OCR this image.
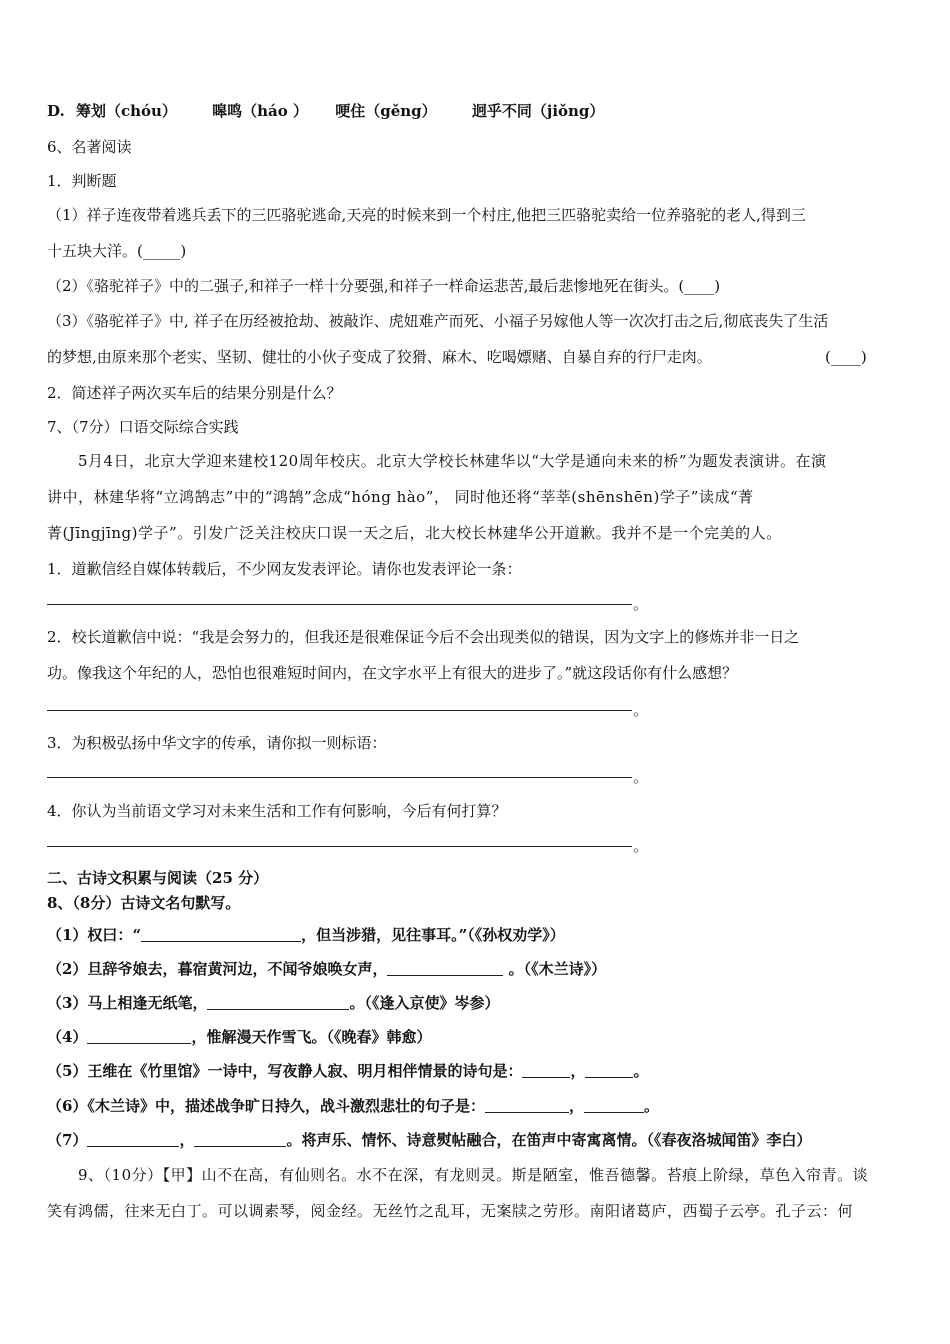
D. 筹划（chóu） 嗥鸣（háo ） 哽住（gěng） 迥乎不同（jiǒng）
6、名著阅读
1．判断题
（1）祥子连夜带着逃兵丢下的三匹骆驼逃命,天亮的时候来到一个村庄,他把三匹骆驼卖给一位养骆驼的老人,得到三
十五块大洋。(_____)
（2）《骆驼祥子》中的二强子,和祥子一样十分要强,和祥子一样命运悲苦,最后悲惨地死在街头。(____)
（3）《骆驼祥子》中, 祥子在历经被抢劫、被敲诈、虎妞难产而死、小福子另嫁他人等一次次打击之后,彻底丧失了生活
的梦想,由原来那个老实、坚韧、健壮的小伙子变成了狡猾、麻木、吃喝嫖赌、自暴自弃的行尸走肉。	(____)
2．简述祥子两次买车后的结果分别是什么？
7、（7分）口语交际综合实践
5月4日，北京大学迎来建校120周年校庆。北京大学校长林建华以“大学是通向未来的桥”为题发表演讲。在演
讲中，林建华将“立鸿鹄志”中的“鸿鹄”念成“hóng hào”， 同时他还将“莘莘(shēnshēn)学子”读成“菁
菁(Jīngjīng)学子”。引发广泛关注校庆口误一天之后，北大校长林建华公开道歉。我并不是一个完美的人。
1．道歉信经自媒体转载后，不少网友发表评论。请你也发表评论一条：
。
2．校长道歉信中说：“我是会努力的，但我还是很难保证今后不会出现类似的错误，因为文字上的修炼并非一日之
功。像我这个年纪的人，恐怕也很难短时间内，在文字水平上有很大的进步了。”就这段话你有什么感想？
。
3．为积极弘扬中华文字的传承，请你拟一则标语：
。
4．你认为当前语文学习对未来生活和工作有何影响，今后有何打算？
。
二、古诗文积累与阅读（25 分）
8、（8分）古诗文名句默写。
（1）权曰：“	，但当涉猎，见往事耳。”（《孙权劝学》）
（2）旦辞爷娘去，暮宿黄河边，不闻爷娘唤女声，	。（《木兰诗》）
（3）马上相逢无纸笔，	。（《逢入京使》岑参）
（4）	，惟解漫天作雪飞。（《晚春》韩愈）
（5）王维在《竹里馆》一诗中，写夜静人寂、明月相伴情景的诗句是：	，	。
（6）《木兰诗》中，描述战争旷日持久，战斗激烈悲壮的句子是：	，	。
（7）	，	。将声乐、情怀、诗意熨帖融合，在笛声中寄寓离情。（《春夜洛城闻笛》李白）
9、（10分）【甲】山不在高，有仙则名。水不在深，有龙则灵。斯是陋室，惟吾德馨。苔痕上阶绿，草色入帘青。谈
笑有鸿儒，往来无白丁。可以调素琴，阅金经。无丝竹之乱耳，无案牍之劳形。南阳诸葛庐，西蜀子云亭。孔子云：何
